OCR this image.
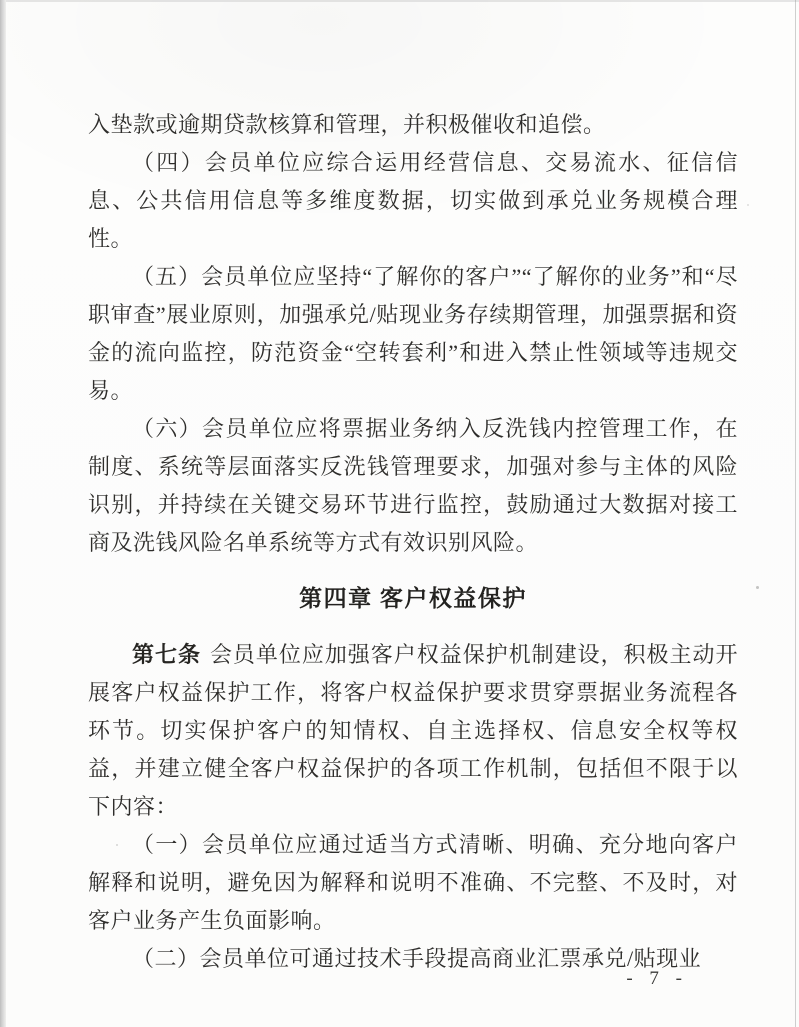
入垫款或逾期贷款核算和管理，并积极催收和追偿。

（四）会员单位应综合运用经营信息、交易流水、征信信息、公共信用信息等多维度数据，切实做到承兑业务规模合理性。

（五）会员单位应坚持“了解你的客户”“了解你的业务”和“尽职审查”展业原则，加强承兑/贴现业务存续期管理，加强票据和资金的流向监控，防范资金“空转套利”和进入禁止性领域等违规交易。

（六）会员单位应将票据业务纳入反洗钱内控管理工作，在制度、系统等层面落实反洗钱管理要求，加强对参与主体的风险识别，并持续在关键交易环节进行监控，鼓励通过大数据对接工商及洗钱风险名单系统等方式有效识别风险。

第四章 客户权益保护

第七条 会员单位应加强客户权益保护机制建设，积极主动开展客户权益保护工作，将客户权益保护要求贯穿票据业务流程各环节。切实保护客户的知情权、自主选择权、信息安全权等权益，并建立健全客户权益保护的各项工作机制，包括但不限于以下内容：

（一）会员单位应通过适当方式清晰、明确、充分地向客户解释和说明，避免因为解释和说明不准确、不完整、不及时，对客户业务产生负面影响。

（二）会员单位可通过技术手段提高商业汇票承兑/贴现业

- 7 -
